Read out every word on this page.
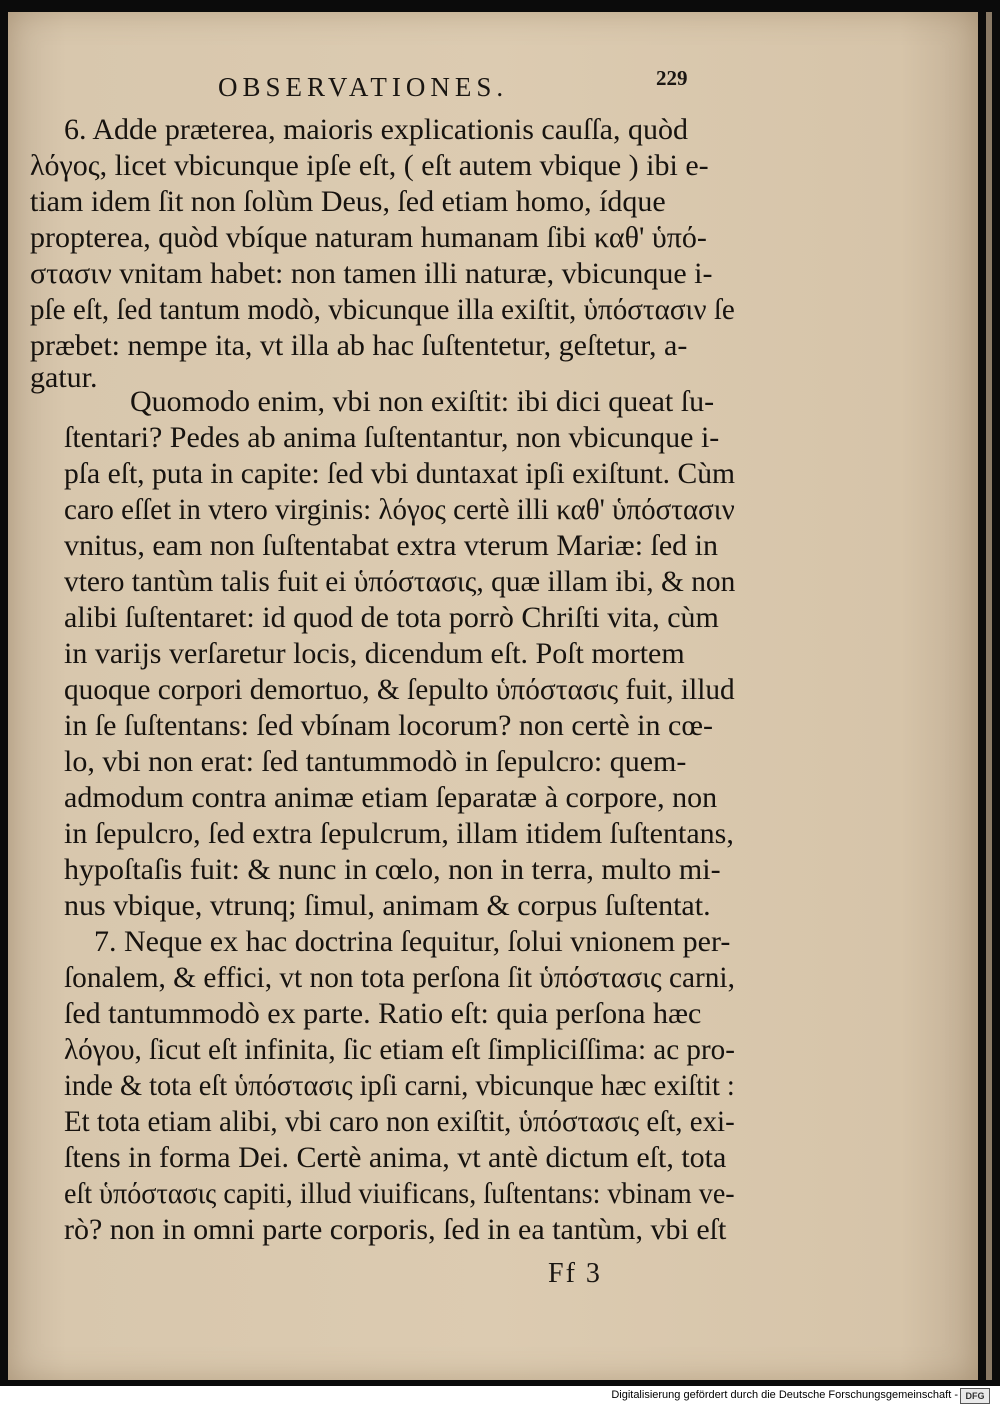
OBSERVATIONES.	229
6. Adde præterea, maioris explicationis cauſſa, quòd
λόγος, licet vbicunque ipſe eſt, ( eſt autem vbique ) ibi e-
tiam idem ſit non ſolùm Deus, ſed etiam homo, ídque
propterea, quòd vbíque naturam humanam ſibi καθ' ὑπό-
στασιν vnitam habet: non tamen illi naturæ, vbicunque i-
pſe eſt, ſed tantum modò, vbicunque illa exiſtit, ὑπόστασιν ſe
præbet: nempe ita, vt illa ab hac ſuſtentetur, geſtetur, a-
gatur.
Quomodo enim, vbi non exiſtit: ibi dici queat ſu-
ſtentari? Pedes ab anima ſuſtentantur, non vbicunque i-
pſa eſt, puta in capite: ſed vbi duntaxat ipſi exiſtunt. Cùm
caro eſſet in vtero virginis: λόγος certè illi καθ' ὑπόστασιν
vnitus, eam non ſuſtentabat extra vterum Mariæ: ſed in
vtero tantùm talis fuit ei ὑπόστασις, quæ illam ibi, & non
alibi ſuſtentaret: id quod de tota porrò Chriſti vita, cùm
in varijs verſaretur locis, dicendum eſt. Poſt mortem
quoque corpori demortuo, & ſepulto ὑπόστασις fuit, illud
in ſe ſuſtentans: ſed vbínam locorum? non certè in cœ-
lo, vbi non erat: ſed tantummodò in ſepulcro: quem-
admodum contra animæ etiam ſeparatæ à corpore, non
in ſepulcro, ſed extra ſepulcrum, illam itidem ſuſtentans,
hypoſtaſis fuit: & nunc in cœlo, non in terra, multo mi-
nus vbique, vtrunq; ſimul, animam & corpus ſuſtentat.
7. Neque ex hac doctrina ſequitur, ſolui vnionem per-
ſonalem, & effici, vt non tota perſona ſit ὑπόστασις carni,
ſed tantummodò ex parte. Ratio eſt: quia perſona hæc
λόγου, ſicut eſt infinita, ſic etiam eſt ſimpliciſſima: ac pro-
inde & tota eſt ὑπόστασις ipſi carni, vbicunque hæc exiſtit :
Et tota etiam alibi, vbi caro non exiſtit, ὑπόστασις eſt, exi-
ſtens in forma Dei. Certè anima, vt antè dictum eſt, tota
eſt ὑπόστασις capiti, illud viuificans, ſuſtentans: vbinam ve-
rò? non in omni parte corporis, ſed in ea tantùm, vbi eſt
Ff 3
Digitalisierung gefördert durch die Deutsche Forschungsgemeinschaft - DFG
